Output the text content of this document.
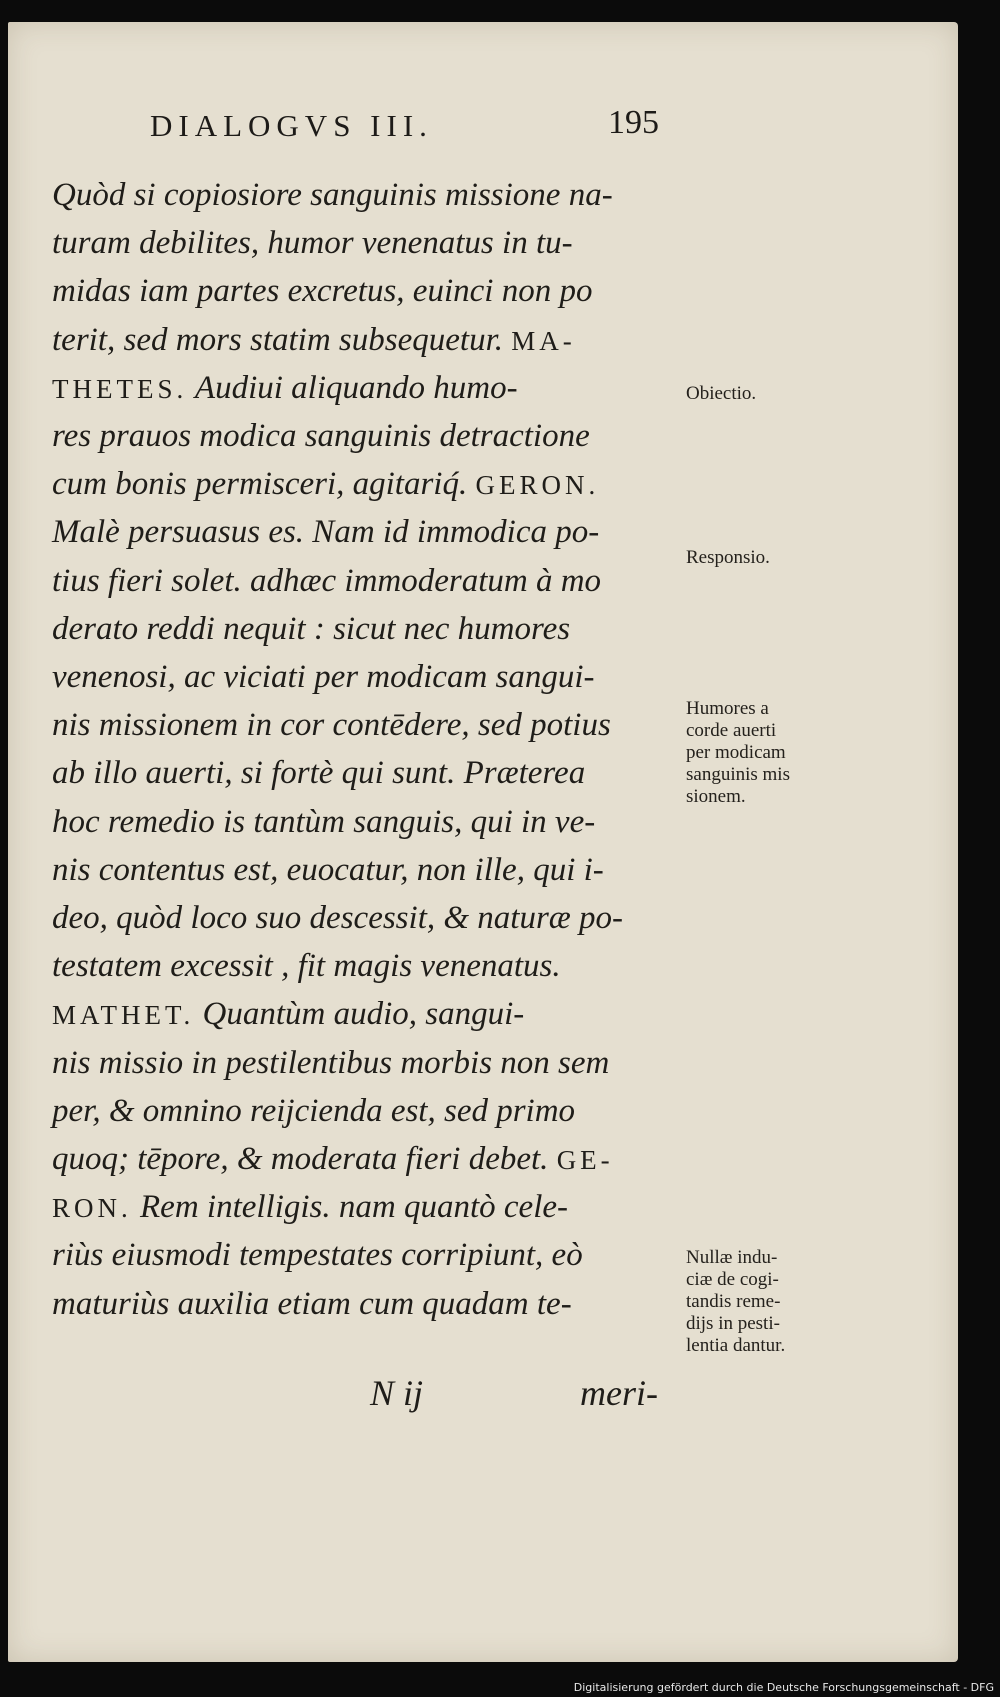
DIALOGVS III.	195
Quòd si copiosiore sanguinis missione na-
turam debilites, humor venenatus in tu-
midas iam partes excretus, euinci non po
terit, sed mors statim subsequetur. MA-
THETES. Audiui aliquando humo-
res prauos modica sanguinis detractione
cum bonis permisceri, agitariq́. GERON.
Malè persuasus es. Nam id immodica po-
tius fieri solet. adhæc immoderatum à mo
derato reddi nequit : sicut nec humores
venenosi, ac viciati per modicam sangui-
nis missionem in cor contēdere, sed potius
ab illo auerti, si fortè qui sunt. Præterea
hoc remedio is tantùm sanguis, qui in ve-
nis contentus est, euocatur, non ille, qui i-
deo, quòd loco suo descessit, & naturæ po-
testatem excessit , fit magis venenatus.
MATHET. Quantùm audio, sangui-
nis missio in pestilentibus morbis non sem
per, & omnino reijcienda est, sed primo
quoq; tēpore, & moderata fieri debet. GE-
RON. Rem intelligis. nam quantò cele-
riùs eiusmodi tempestates corripiunt, eò
maturiùs auxilia etiam cum quadam te-
Obiectio.
Responsio.
Humores a
corde auerti
per modicam
sanguinis mis
sionem.
Nullæ indu-
ciæ de cogi-
tandis reme-
dijs in pesti-
lentia dantur.
N ij	meri-
Digitalisierung gefördert durch die Deutsche Forschungsgemeinschaft - DFG
